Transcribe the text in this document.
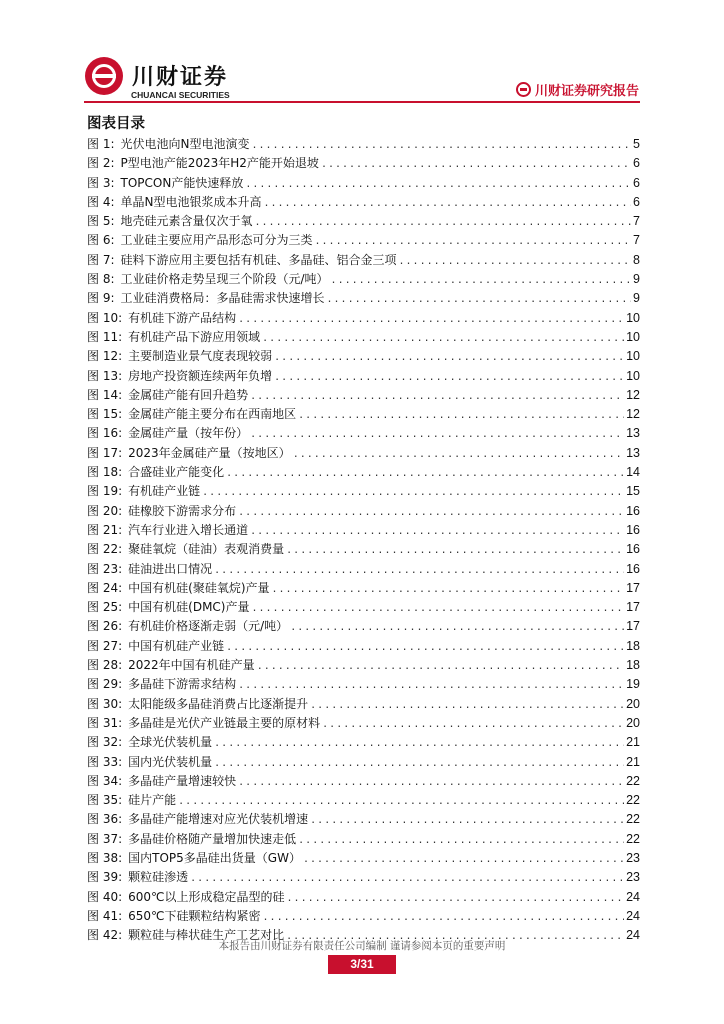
川财证券
CHUANCAI SECURITIES	川财证券研究报告
图表目录
图 1: 光伏电池向N型电池演变 .....	5
图 2: P型电池产能2023年H2产能开始退坡 .....	6
图 3: TOPCON产能快速释放 .....	6
图 4: 单晶N型电池银浆成本升高 .....	6
图 5: 地壳硅元素含量仅次于氧 .....	7
图 6: 工业硅主要应用产品形态可分为三类 .....	7
图 7: 硅料下游应用主要包括有机硅、多晶硅、铝合金三项 .....	8
图 8: 工业硅价格走势呈现三个阶段（元/吨） .....	9
图 9: 工业硅消费格局：多晶硅需求快速增长 .....	9
图 10: 有机硅下游产品结构 .....	10
图 11: 有机硅产品下游应用领域 .....	10
图 12: 主要制造业景气度表现较弱 .....	10
图 13: 房地产投资额连续两年负增 .....	10
图 14: 金属硅产能有回升趋势 .....	12
图 15: 金属硅产能主要分布在西南地区 .....	12
图 16: 金属硅产量（按年份） .....	13
图 17: 2023年金属硅产量（按地区） .....	13
图 18: 合盛硅业产能变化 .....	14
图 19: 有机硅产业链 .....	15
图 20: 硅橡胶下游需求分布 .....	16
图 21: 汽车行业进入增长通道 .....	16
图 22: 聚硅氧烷（硅油）表观消费量 .....	16
图 23: 硅油进出口情况 .....	16
图 24: 中国有机硅(聚硅氧烷)产量 .....	17
图 25: 中国有机硅(DMC)产量 .....	17
图 26: 有机硅价格逐渐走弱（元/吨） .....	17
图 27: 中国有机硅产业链 .....	18
图 28: 2022年中国有机硅产量 .....	18
图 29: 多晶硅下游需求结构 .....	19
图 30: 太阳能级多晶硅消费占比逐渐提升 .....	20
图 31: 多晶硅是光伏产业链最主要的原材料 .....	20
图 32: 全球光伏装机量 .....	21
图 33: 国内光伏装机量 .....	21
图 34: 多晶硅产量增速较快 .....	22
图 35: 硅片产能 .....	22
图 36: 多晶硅产能增速对应光伏装机增速 .....	22
图 37: 多晶硅价格随产量增加快速走低 .....	22
图 38: 国内TOP5多晶硅出货量（GW） .....	23
图 39: 颗粒硅渗透 .....	23
图 40: 600℃以上形成稳定晶型的硅 .....	24
图 41: 650℃下硅颗粒结构紧密 .....	24
图 42: 颗粒硅与棒状硅生产工艺对比 .....	24
本报告由川财证券有限责任公司编制 谨请参阅本页的重要声明
3/31
